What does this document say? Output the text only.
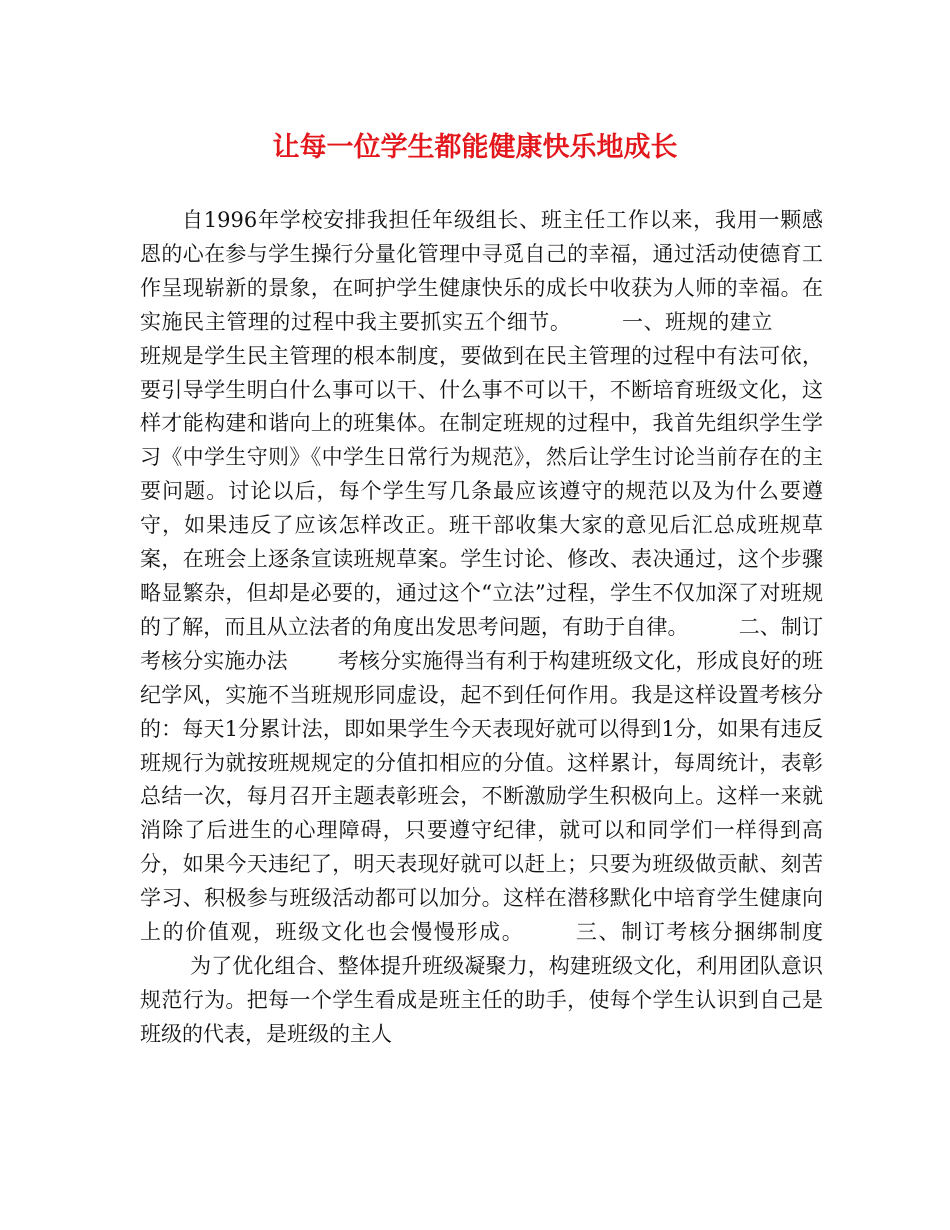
让每一位学生都能健康快乐地成长

自1996年学校安排我担任年级组长、班主任工作以来，我用一颗感恩的心在参与学生操行分量化管理中寻觅自己的幸福，通过活动使德育工作呈现崭新的景象，在呵护学生健康快乐的成长中收获为人师的幸福。在实施民主管理的过程中我主要抓实五个细节。 一、班规的建立班规是学生民主管理的根本制度，要做到在民主管理的过程中有法可依，要引导学生明白什么事可以干、什么事不可以干，不断培育班级文化，这样才能构建和谐向上的班集体。在制定班规的过程中，我首先组织学生学习《中学生守则》《中学生日常行为规范》，然后让学生讨论当前存在的主要问题。讨论以后，每个学生写几条最应该遵守的规范以及为什么要遵守，如果违反了应该怎样改正。班干部收集大家的意见后汇总成班规草案，在班会上逐条宣读班规草案。学生讨论、修改、表决通过，这个步骤略显繁杂，但却是必要的，通过这个“立法”过程，学生不仅加深了对班规的了解，而且从立法者的角度出发思考问题，有助于自律。 二、制订考核分实施办法 考核分实施得当有利于构建班级文化，形成良好的班纪学风，实施不当班规形同虚设，起不到任何作用。我是这样设置考核分的：每天1分累计法，即如果学生今天表现好就可以得到1分，如果有违反班规行为就按班规规定的分值扣相应的分值。这样累计，每周统计，表彰总结一次，每月召开主题表彰班会，不断激励学生积极向上。这样一来就消除了后进生的心理障碍，只要遵守纪律，就可以和同学们一样得到高分，如果今天违纪了，明天表现好就可以赶上；只要为班级做贡献、刻苦学习、积极参与班级活动都可以加分。这样在潜移默化中培育学生健康向上的价值观，班级文化也会慢慢形成。 三、制订考核分捆绑制度为了优化组合、整体提升班级凝聚力，构建班级文化，利用团队意识规范行为。把每一个学生看成是班主任的助手，使每个学生认识到自己是班级的代表，是班级的主人
